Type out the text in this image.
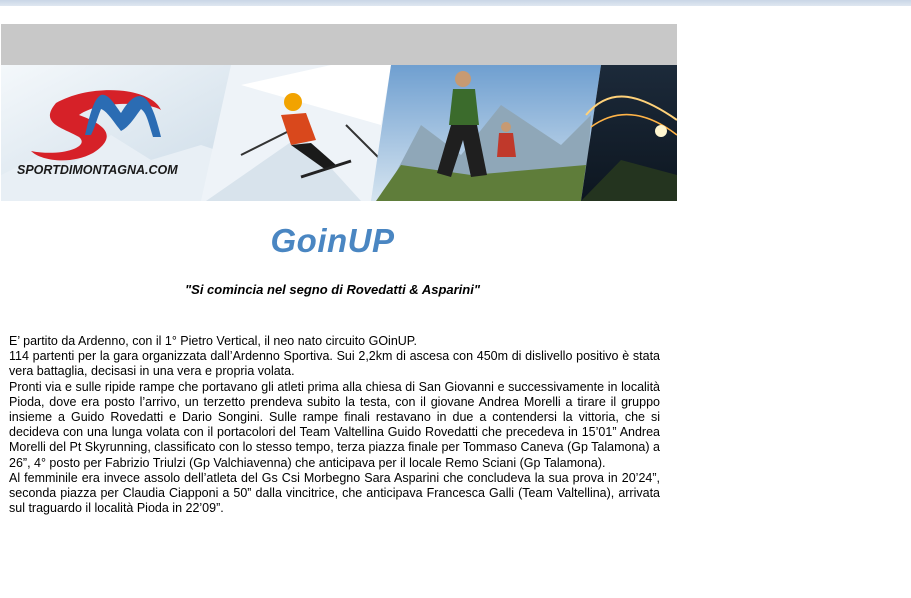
SPORTDIMONTAGNA.COM
GoinUP
"Si comincia nel segno di Rovedatti & Asparini"

E’ partito da Ardenno, con il 1° Pietro Vertical, il neo nato circuito GOinUP.

114 partenti per la gara organizzata dall’Ardenno Sportiva. Sui 2,2km di ascesa con 450m di dislivello positivo è stata vera battaglia, decisasi in una vera e propria volata.

Pronti via e sulle ripide rampe che portavano gli atleti prima alla chiesa di San Giovanni e successivamente in località Pioda, dove era posto l’arrivo, un terzetto prendeva subito la testa, con il giovane Andrea Morelli a tirare il gruppo insieme a Guido Rovedatti e Dario Songini. Sulle rampe finali restavano in due a contendersi la vittoria, che si decideva con una lunga volata con il portacolori del Team Valtellina Guido Rovedatti che precedeva in 15’01” Andrea Morelli del Pt Skyrunning, classificato con lo stesso tempo, terza piazza finale per Tommaso Caneva (Gp Talamona) a 26”, 4° posto per Fabrizio Triulzi (Gp Valchiavenna) che anticipava per il locale Remo Sciani (Gp Talamona).

Al femminile era invece assolo dell’atleta del Gs Csi Morbegno Sara Asparini che concludeva la sua prova in 20’24”, seconda piazza per Claudia Ciapponi a 50” dalla vincitrice, che anticipava Francesca Galli (Team Valtellina), arrivata sul traguardo il località Pioda in 22’09”.
